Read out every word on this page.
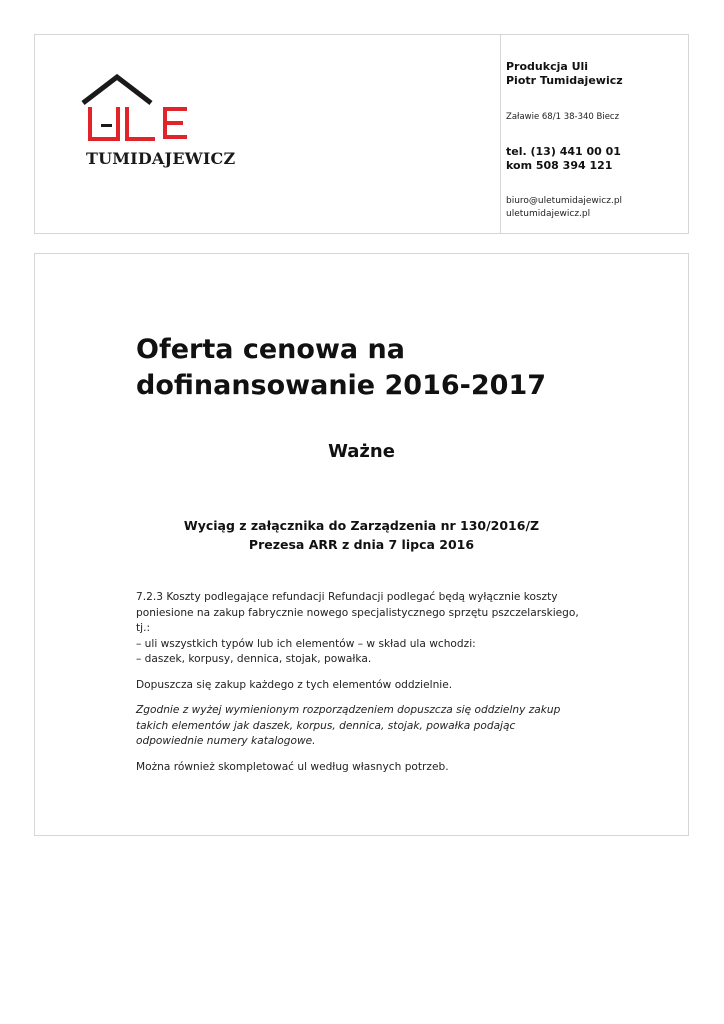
TUMIDAJEWICZ
Produkcja Uli
Piotr Tumidajewicz
Załawie 68/1 38-340 Biecz
tel. (13) 441 00 01
kom 508 394 121
biuro@uletumidajewicz.pl
uletumidajewicz.pl
Oferta cenowa na dofinansowanie 2016-2017
Ważne
Wyciąg z załącznika do Zarządzenia nr 130/2016/Z
Prezesa ARR z dnia 7 lipca 2016

7.2.3 Koszty podlegające refundacji Refundacji podlegać będą wyłącznie koszty
poniesione na zakup fabrycznie nowego specjalistycznego sprzętu pszczelarskiego,
tj.:
– uli wszystkich typów lub ich elementów – w skład ula wchodzi:
– daszek, korpusy, dennica, stojak, powałka.

Dopuszcza się zakup każdego z tych elementów oddzielnie.

Zgodnie z wyżej wymienionym rozporządzeniem dopuszcza się oddzielny zakup
takich elementów jak daszek, korpus, dennica, stojak, powałka podając
odpowiednie numery katalogowe.

Można również skompletować ul według własnych potrzeb.
